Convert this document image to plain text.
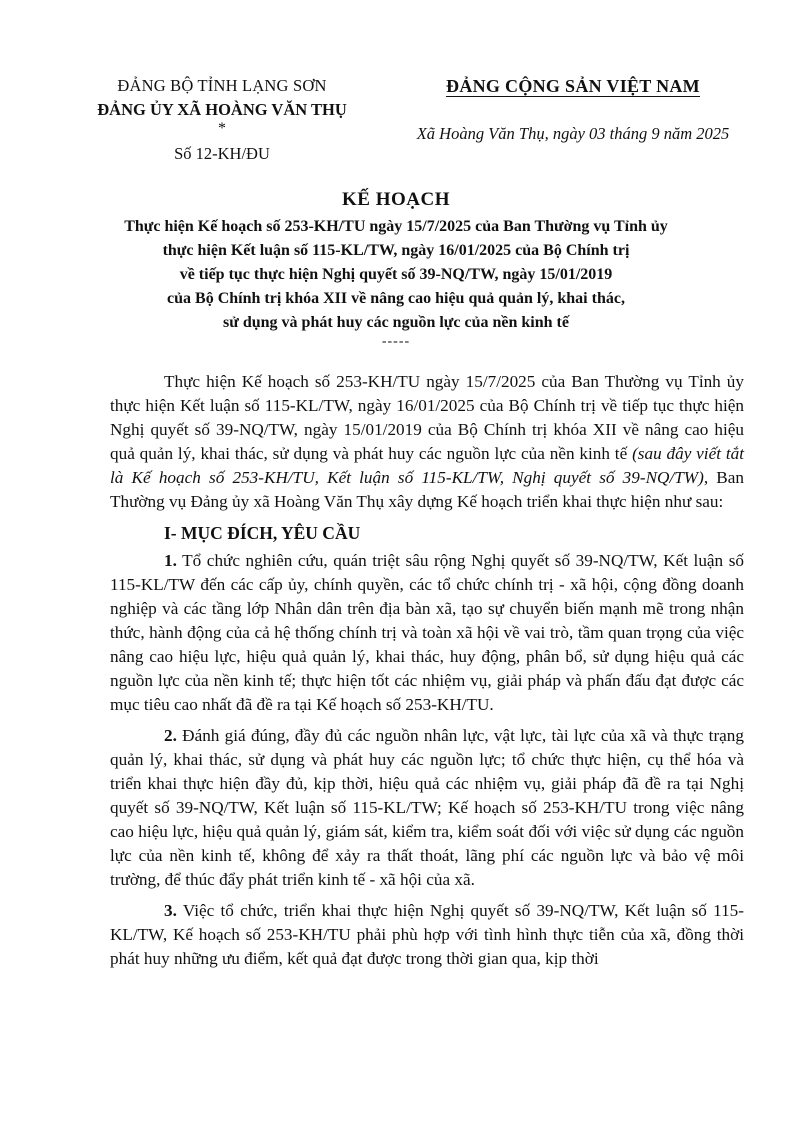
ĐẢNG BỘ TỈNH LẠNG SƠN
ĐẢNG ỦY XÃ HOÀNG VĂN THỤ
*
Số 12-KH/ĐU
ĐẢNG CỘNG SẢN VIỆT NAM
Xã Hoàng Văn Thụ, ngày 03 tháng 9 năm 2025
KẾ HOẠCH
Thực hiện Kế hoạch số 253-KH/TU ngày 15/7/2025 của Ban Thường vụ Tỉnh ủy
thực hiện Kết luận số 115-KL/TW, ngày 16/01/2025 của Bộ Chính trị
về tiếp tục thực hiện Nghị quyết số 39-NQ/TW, ngày 15/01/2019
của Bộ Chính trị khóa XII về nâng cao hiệu quả quản lý, khai thác,
sử dụng và phát huy các nguồn lực của nền kinh tế
-----

Thực hiện Kế hoạch số 253-KH/TU ngày 15/7/2025 của Ban Thường vụ Tỉnh ủy thực hiện Kết luận số 115-KL/TW, ngày 16/01/2025 của Bộ Chính trị về tiếp tục thực hiện Nghị quyết số 39-NQ/TW, ngày 15/01/2019 của Bộ Chính trị khóa XII về nâng cao hiệu quả quản lý, khai thác, sử dụng và phát huy các nguồn lực của nền kinh tế (sau đây viết tắt là Kế hoạch số 253-KH/TU, Kết luận số 115-KL/TW, Nghị quyết số 39-NQ/TW), Ban Thường vụ Đảng ủy xã Hoàng Văn Thụ xây dựng Kế hoạch triển khai thực hiện như sau:

I- MỤC ĐÍCH, YÊU CẦU

1. Tổ chức nghiên cứu, quán triệt sâu rộng Nghị quyết số 39-NQ/TW, Kết luận số 115-KL/TW đến các cấp ủy, chính quyền, các tổ chức chính trị - xã hội, cộng đồng doanh nghiệp và các tầng lớp Nhân dân trên địa bàn xã, tạo sự chuyển biến mạnh mẽ trong nhận thức, hành động của cả hệ thống chính trị và toàn xã hội về vai trò, tầm quan trọng của việc nâng cao hiệu lực, hiệu quả quản lý, khai thác, huy động, phân bổ, sử dụng hiệu quả các nguồn lực của nền kinh tế; thực hiện tốt các nhiệm vụ, giải pháp và phấn đấu đạt được các mục tiêu cao nhất đã đề ra tại Kế hoạch số 253-KH/TU.

2. Đánh giá đúng, đầy đủ các nguồn nhân lực, vật lực, tài lực của xã và thực trạng quản lý, khai thác, sử dụng và phát huy các nguồn lực; tổ chức thực hiện, cụ thể hóa và triển khai thực hiện đầy đủ, kịp thời, hiệu quả các nhiệm vụ, giải pháp đã đề ra tại Nghị quyết số 39-NQ/TW, Kết luận số 115-KL/TW; Kế hoạch số 253-KH/TU trong việc nâng cao hiệu lực, hiệu quả quản lý, giám sát, kiểm tra, kiểm soát đối với việc sử dụng các nguồn lực của nền kinh tế, không để xảy ra thất thoát, lãng phí các nguồn lực và bảo vệ môi trường, để thúc đẩy phát triển kinh tế - xã hội của xã.

3. Việc tổ chức, triển khai thực hiện Nghị quyết số 39-NQ/TW, Kết luận số 115-KL/TW, Kế hoạch số 253-KH/TU phải phù hợp với tình hình thực tiễn của xã, đồng thời phát huy những ưu điểm, kết quả đạt được trong thời gian qua, kịp thời
